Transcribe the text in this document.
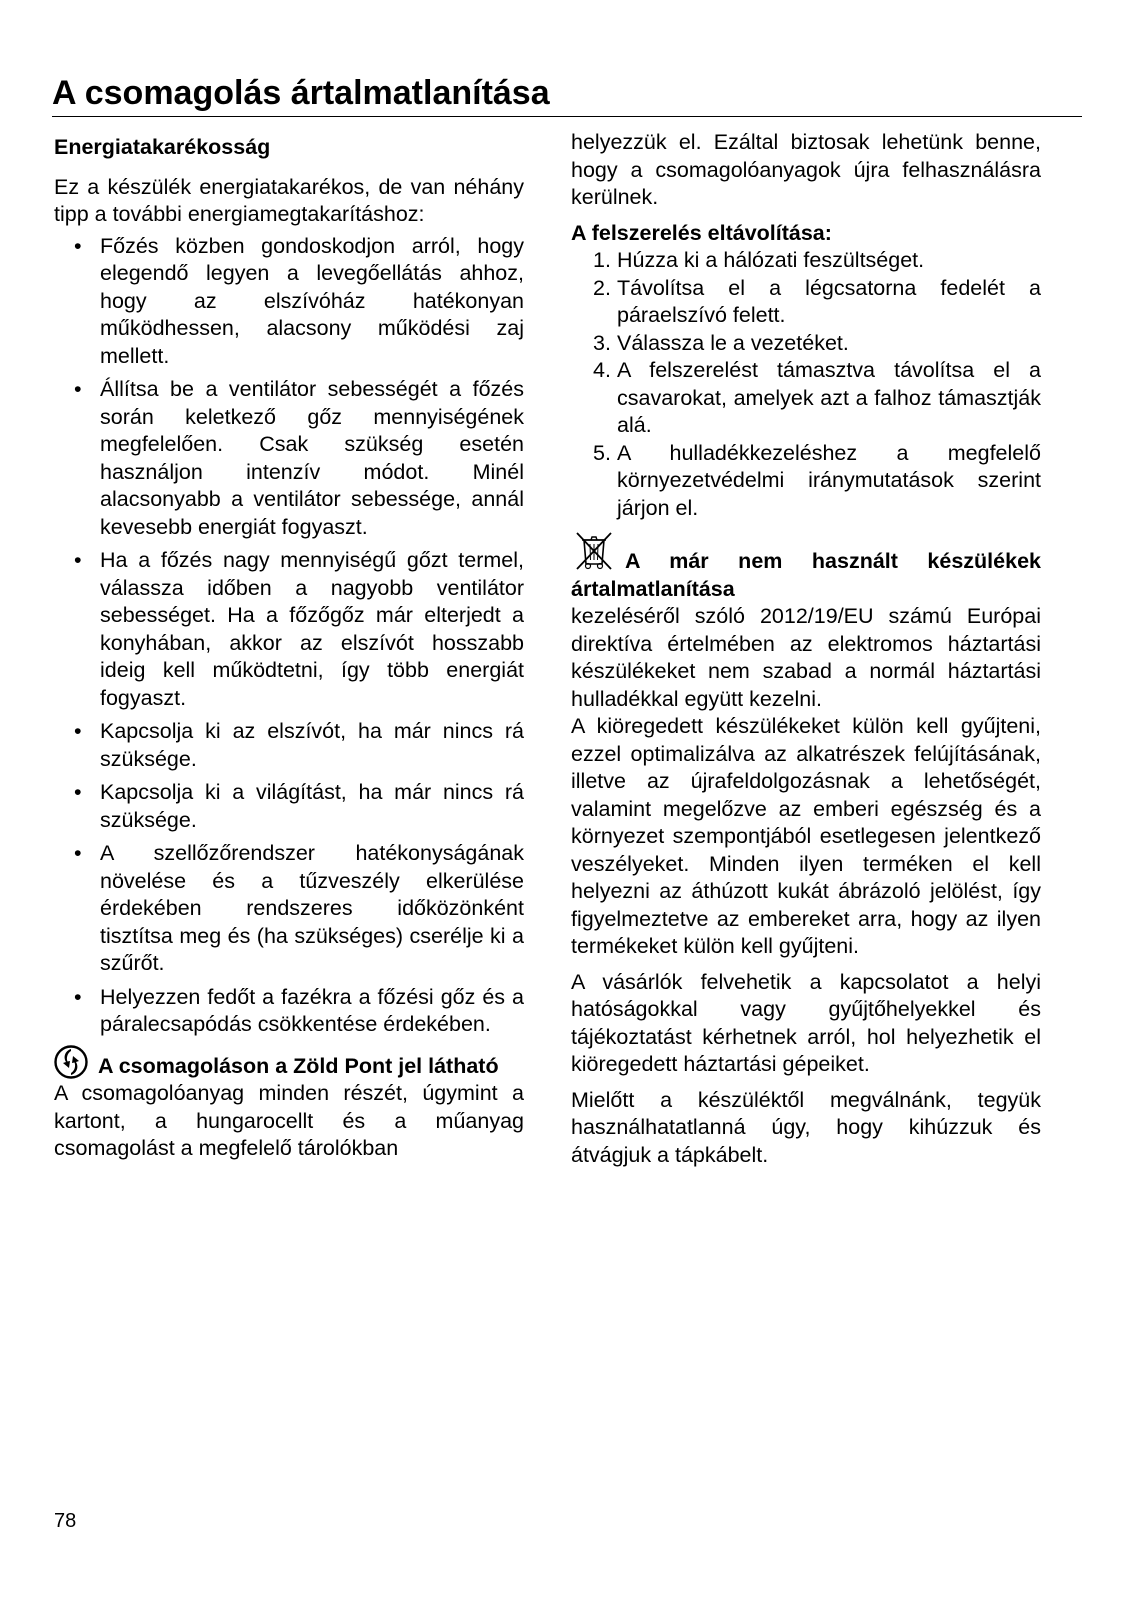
A csomagolás ártalmatlanítása
Energiatakarékosság

Ez a készülék energiatakarékos, de van néhány tipp a további energiamegtakarításhoz:

• Főzés közben gondoskodjon arról, hogy elegendő legyen a levegőellátás ahhoz, hogy az elszívóház hatékonyan működhessen, alacsony működési zaj mellett.
• Állítsa be a ventilátor sebességét a főzés során keletkező gőz mennyiségének megfelelően. Csak szükség esetén használjon intenzív módot. Minél alacsonyabb a ventilátor sebessége, annál kevesebb energiát fogyaszt.
• Ha a főzés nagy mennyiségű gőzt termel, válassza időben a nagyobb ventilátor sebességet. Ha a főzőgőz már elterjedt a konyhában, akkor az elszívót hosszabb ideig kell működtetni, így több energiát fogyaszt.
• Kapcsolja ki az elszívót, ha már nincs rá szüksége.
• Kapcsolja ki a világítást, ha már nincs rá szüksége.
• A szellőzőrendszer hatékonyságának növelése és a tűzveszély elkerülése érdekében rendszeres időközönként tisztítsa meg és (ha szükséges) cserélje ki a szűrőt.
• Helyezzen fedőt a fazékra a főzési gőz és a páralecsapódás csökkentése érdekében.
A csomagoláson a Zöld Pont jel látható

A csomagolóanyag minden részét, úgymint a kartont, a hungarocellt és a műanyag csomagolást a megfelelő tárolókban

helyezzük el. Ezáltal biztosak lehetünk benne, hogy a csomagolóanyagok újra felhasználásra kerülnek.

A felszerelés eltávolítása:
1. Húzza ki a hálózati feszültséget.
2. Távolítsa el a légcsatorna fedelét a páraelszívó felett.
3. Válassza le a vezetéket.
4. A felszerelést támasztva távolítsa el a csavarokat, amelyek azt a falhoz támasztják alá.
5. A hulladékkezeléshez a megfelelő környezetvédelmi iránymutatások szerint járjon el.
A már nem használt készülékek ártalmatlanítása

kezeléséről szóló 2012/19/EU számú Európai direktíva értelmében az elektromos háztartási készülékeket nem szabad a normál háztartási hulladékkal együtt kezelni.

A kiöregedett készülékeket külön kell gyűjteni, ezzel optimalizálva az alkatrészek felújításának, illetve az újrafeldolgozásnak a lehetőségét, valamint megelőzve az emberi egészség és a környezet szempontjából esetlegesen jelentkező veszélyeket. Minden ilyen terméken el kell helyezni az áthúzott kukát ábrázoló jelölést, így figyelmeztetve az embereket arra, hogy az ilyen termékeket külön kell gyűjteni.

A vásárlók felvehetik a kapcsolatot a helyi hatóságokkal vagy gyűjtőhelyekkel és tájékoztatást kérhetnek arról, hol helyezhetik el kiöregedett háztartási gépeiket.

Mielőtt a készüléktől megválnánk, tegyük használhatatlanná úgy, hogy kihúzzuk és átvágjuk a tápkábelt.

78
